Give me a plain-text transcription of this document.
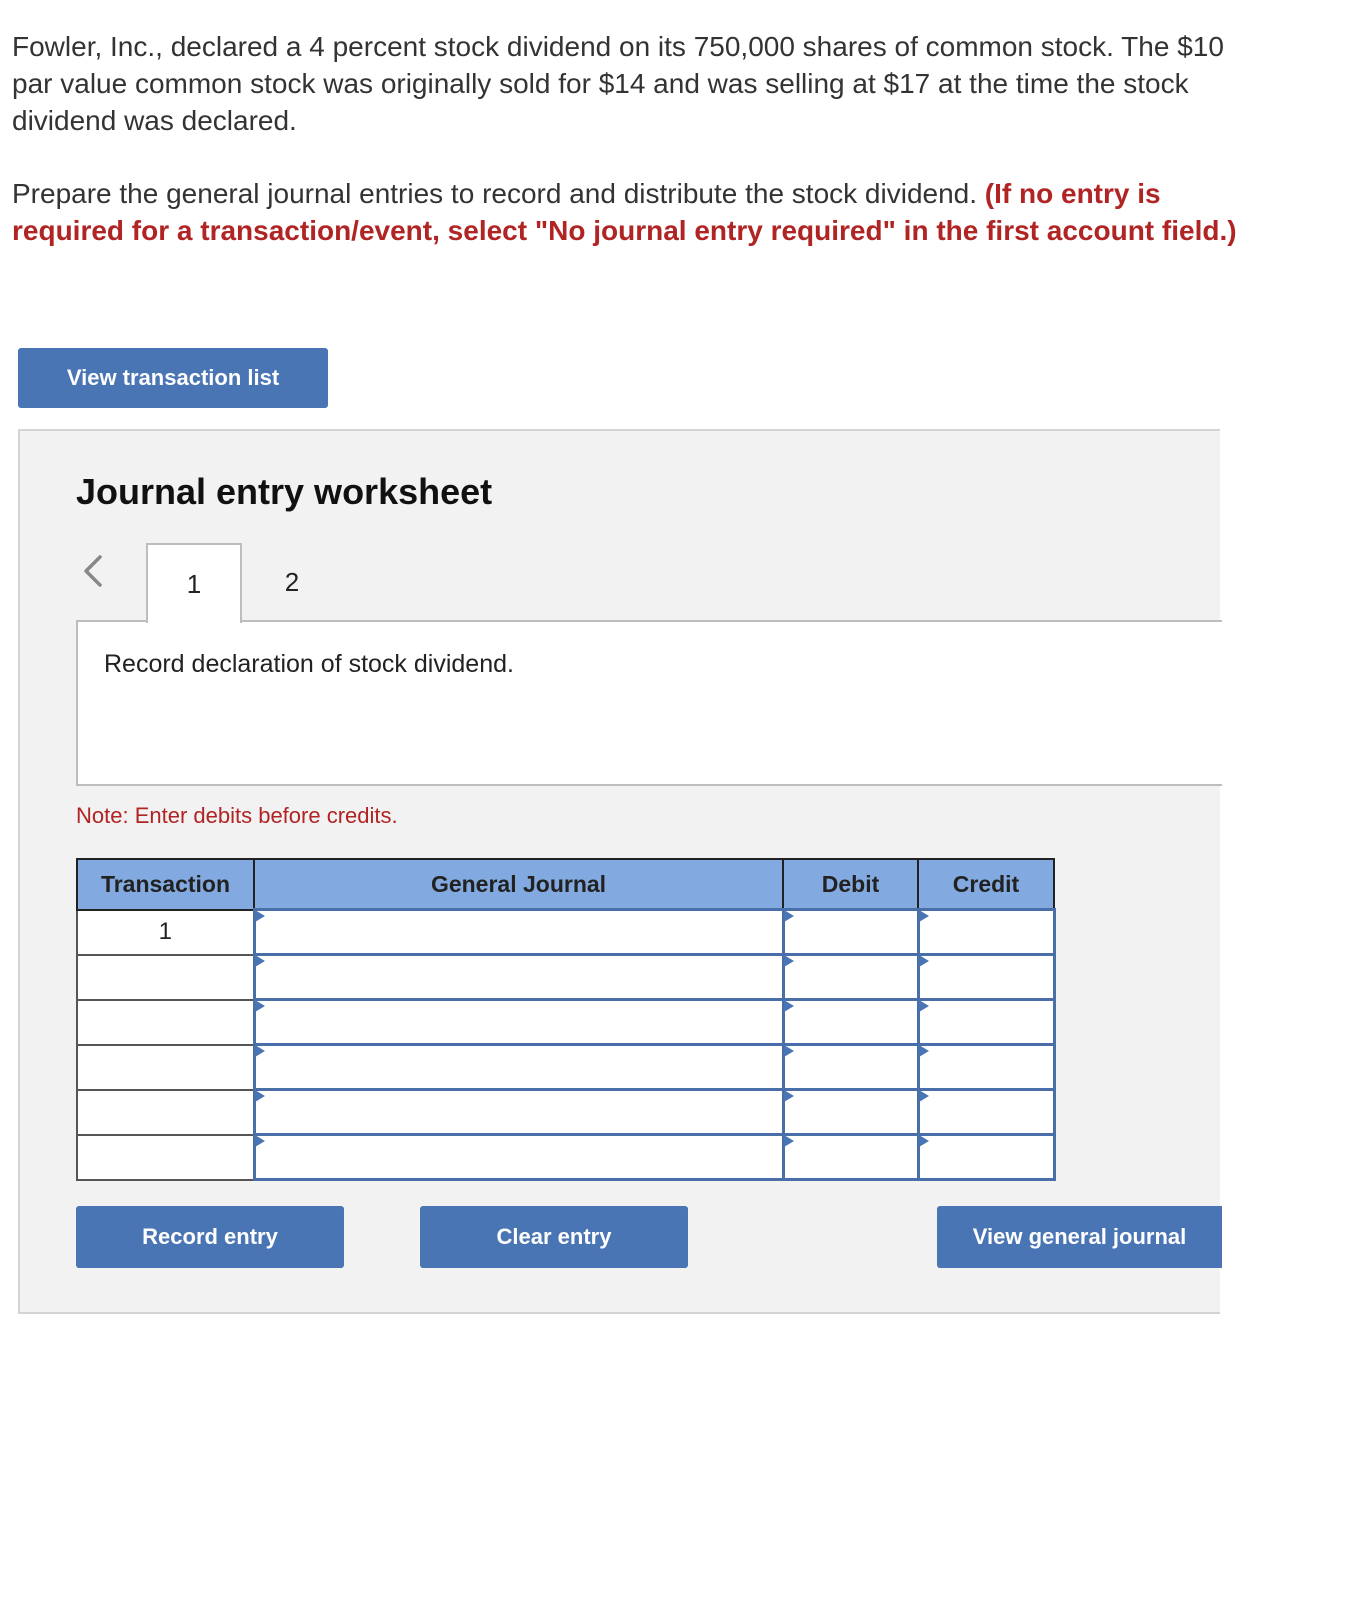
Fowler, Inc., declared a 4 percent stock dividend on its 750,000 shares of common stock. The $10 par value common stock was originally sold for $14 and was selling at $17 at the time the stock dividend was declared.
Prepare the general journal entries to record and distribute the stock dividend. (If no entry is required for a transaction/event, select "No journal entry required" in the first account field.)
View transaction list
Journal entry worksheet
1	2
Record declaration of stock dividend.
Note: Enter debits before credits.
Transaction	General Journal	Debit	Credit
1	

Record entry	Clear entry	View general journal
